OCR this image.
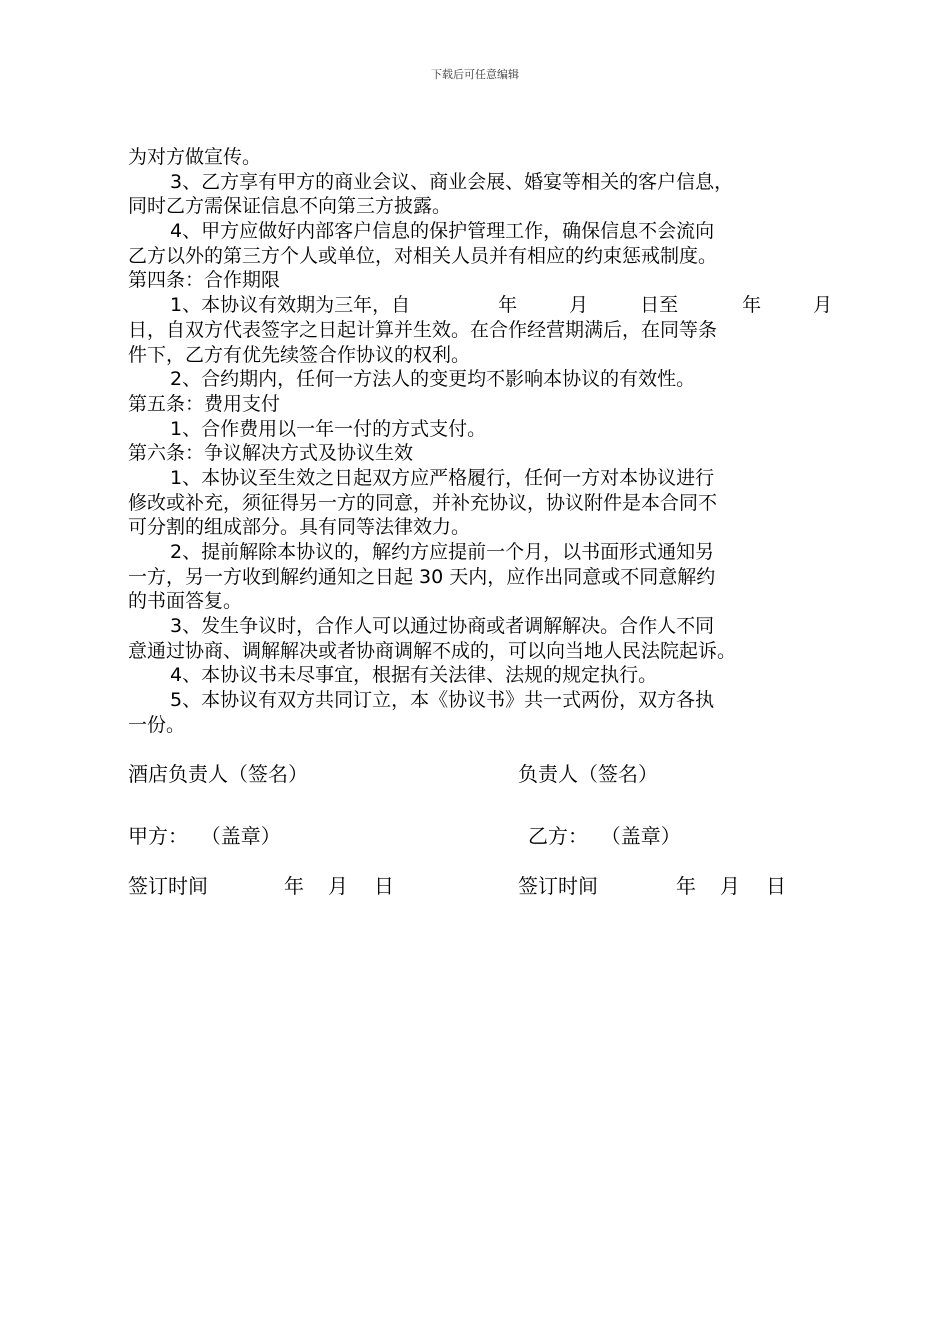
下载后可任意编辑
为对方做宣传。
3、乙方享有甲方的商业会议、商业会展、婚宴等相关的客户信息，
同时乙方需保证信息不向第三方披露。
4、甲方应做好内部客户信息的保护管理工作，确保信息不会流向
乙方以外的第三方个人或单位，对相关人员并有相应的约束惩戒制度。
第四条：合作期限
1、本协议有效期为三年，自	年	月	日至	年	月
日，自双方代表签字之日起计算并生效。在合作经营期满后，在同等条
件下，乙方有优先续签合作协议的权利。
2、合约期内，任何一方法人的变更均不影响本协议的有效性。
第五条：费用支付
1、合作费用以一年一付的方式支付。
第六条：争议解决方式及协议生效
1、本协议至生效之日起双方应严格履行，任何一方对本协议进行
修改或补充，须征得另一方的同意，并补充协议，协议附件是本合同不
可分割的组成部分。具有同等法律效力。
2、提前解除本协议的，解约方应提前一个月，以书面形式通知另
一方，另一方收到解约通知之日起 30 天内，应作出同意或不同意解约
的书面答复。
3、发生争议时，合作人可以通过协商或者调解解决。合作人不同
意通过协商、调解解决或者协商调解不成的，可以向当地人民法院起诉。
4、本协议书未尽事宜，根据有关法律、法规的规定执行。
5、本协议有双方共同订立，本《协议书》共一式两份，双方各执
一份。
酒店负责人（签名）	负责人（签名）
甲方：  （盖章）	乙方：  （盖章）
签订时间	年 月 日	签订时间	年 月 日
